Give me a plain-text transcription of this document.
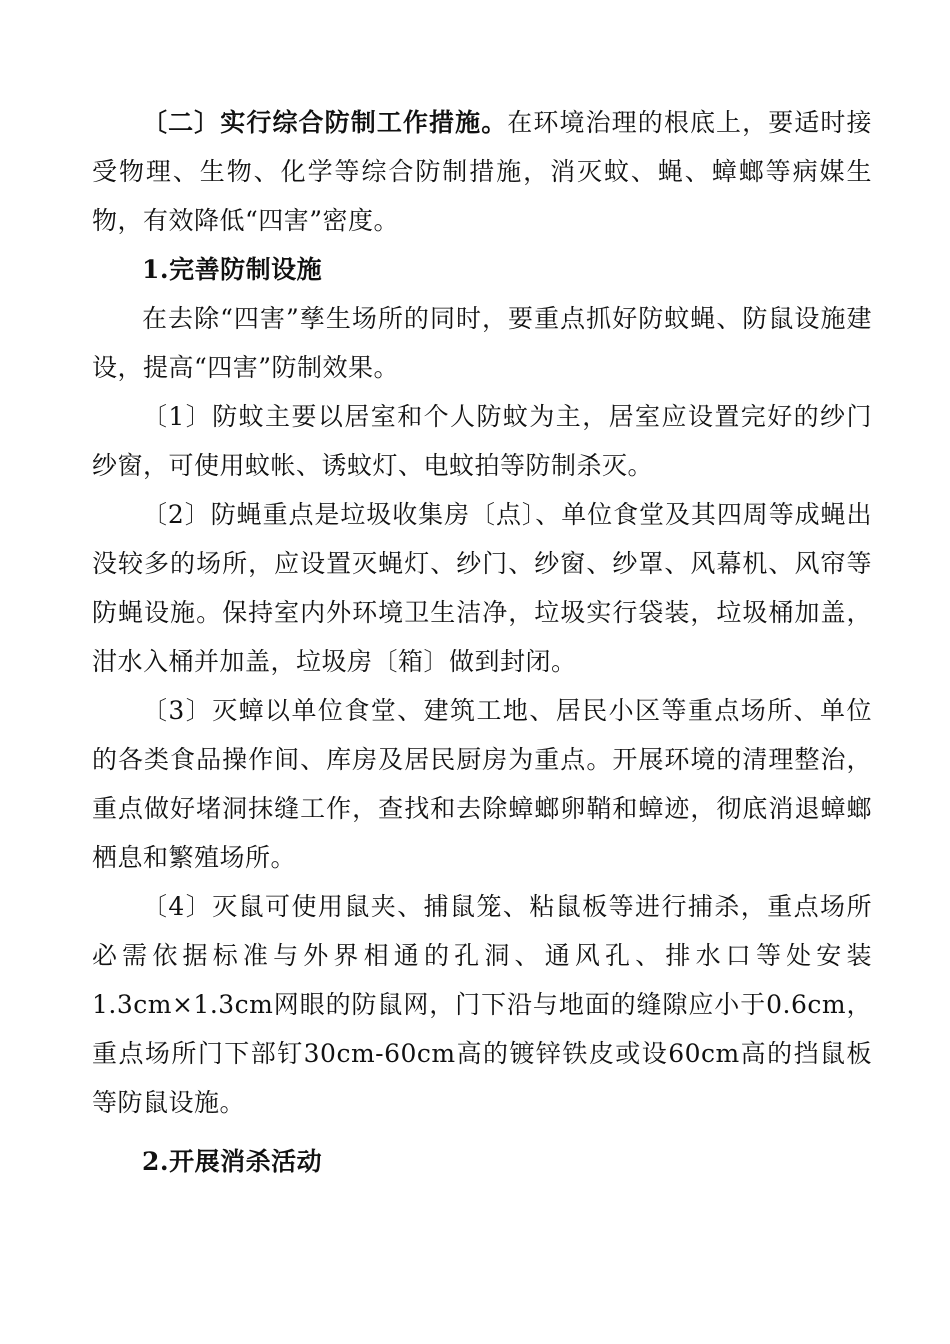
〔二〕实行综合防制工作措施。在环境治理的根底上，要适时接受物理、生物、化学等综合防制措施，消灭蚊、蝇、蟑螂等病媒生物，有效降低“四害”密度。

1.完善防制设施

在去除“四害”孳生场所的同时，要重点抓好防蚊蝇、防鼠设施建设，提高“四害”防制效果。

〔1〕防蚊主要以居室和个人防蚊为主，居室应设置完好的纱门纱窗，可使用蚊帐、诱蚊灯、电蚊拍等防制杀灭。

〔2〕防蝇重点是垃圾收集房〔点〕、单位食堂及其四周等成蝇出没较多的场所，应设置灭蝇灯、纱门、纱窗、纱罩、风幕机、风帘等防蝇设施。保持室内外环境卫生洁净，垃圾实行袋装，垃圾桶加盖，泔水入桶并加盖，垃圾房〔箱〕做到封闭。

〔3〕灭蟑以单位食堂、建筑工地、居民小区等重点场所、单位的各类食品操作间、库房及居民厨房为重点。开展环境的清理整治，重点做好堵洞抹缝工作，查找和去除蟑螂卵鞘和蟑迹，彻底消退蟑螂栖息和繁殖场所。

〔4〕灭鼠可使用鼠夹、捕鼠笼、粘鼠板等进行捕杀，重点场所必需依据标准与外界相通的孔洞、通风孔、排水口等处安装1.3cm×1.3cm网眼的防鼠网，门下沿与地面的缝隙应小于0.6cm，重点场所门下部钉30cm-60cm高的镀锌铁皮或设60cm高的挡鼠板等防鼠设施。

2.开展消杀活动
